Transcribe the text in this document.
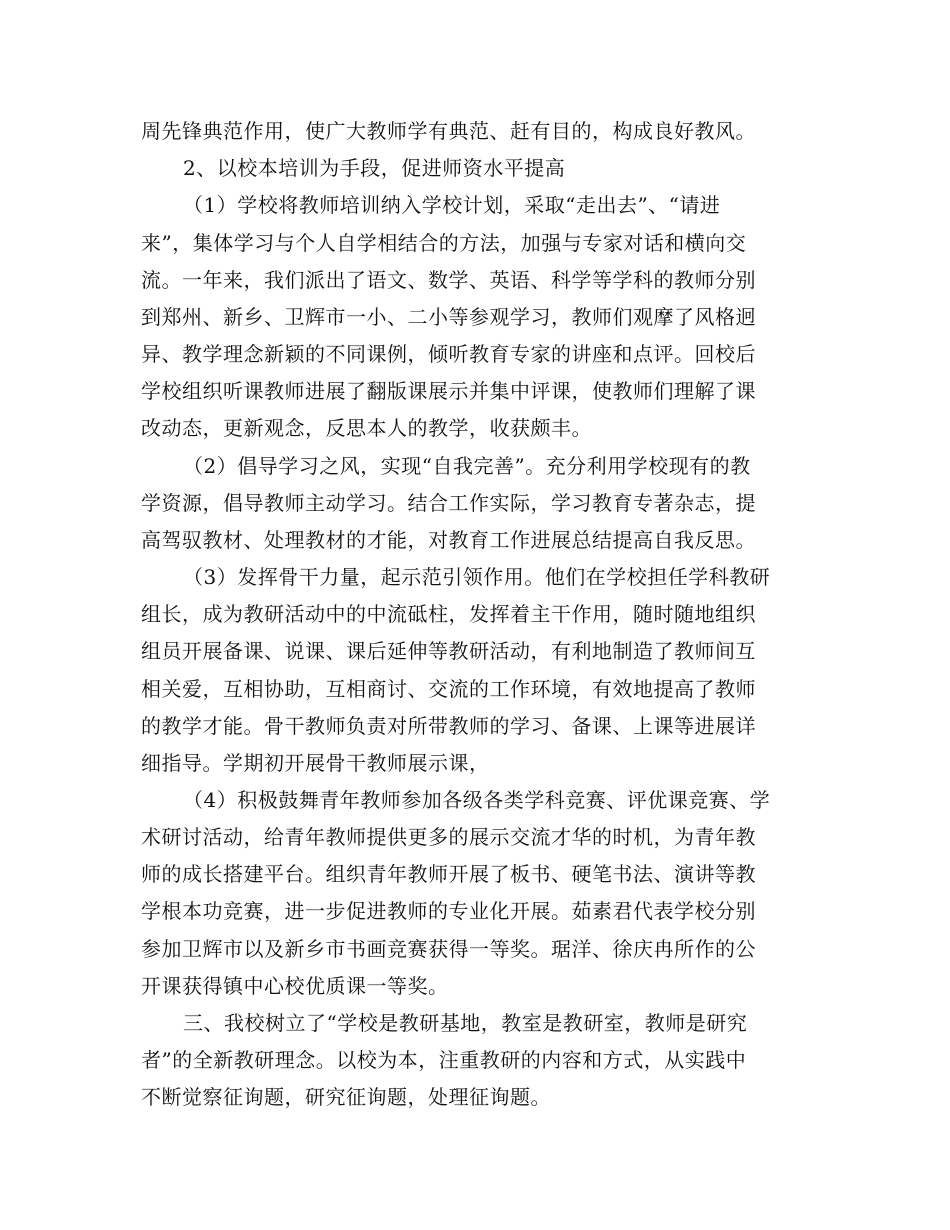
周先锋典范作用，使广大教师学有典范、赶有目的，构成良好教风。
2、以校本培训为手段，促进师资水平提高
（1）学校将教师培训纳入学校计划，采取“走出去”、“请进
来”，集体学习与个人自学相结合的方法，加强与专家对话和横向交
流。一年来，我们派出了语文、数学、英语、科学等学科的教师分别
到郑州、新乡、卫辉市一小、二小等参观学习，教师们观摩了风格迥
异、教学理念新颖的不同课例，倾听教育专家的讲座和点评。回校后
学校组织听课教师进展了翻版课展示并集中评课，使教师们理解了课
改动态，更新观念，反思本人的教学，收获颇丰。
（2）倡导学习之风，实现“自我完善”。充分利用学校现有的教
学资源，倡导教师主动学习。结合工作实际，学习教育专著杂志，提
高驾驭教材、处理教材的才能，对教育工作进展总结提高自我反思。
（3）发挥骨干力量，起示范引领作用。他们在学校担任学科教研
组长，成为教研活动中的中流砥柱，发挥着主干作用，随时随地组织
组员开展备课、说课、课后延伸等教研活动，有利地制造了教师间互
相关爱，互相协助，互相商讨、交流的工作环境，有效地提高了教师
的教学才能。骨干教师负责对所带教师的学习、备课、上课等进展详
细指导。学期初开展骨干教师展示课，
（4）积极鼓舞青年教师参加各级各类学科竞赛、评优课竞赛、学
术研讨活动，给青年教师提供更多的展示交流才华的时机，为青年教
师的成长搭建平台。组织青年教师开展了板书、硬笔书法、演讲等教
学根本功竞赛，进一步促进教师的专业化开展。茹素君代表学校分别
参加卫辉市以及新乡市书画竞赛获得一等奖。琚洋、徐庆冉所作的公
开课获得镇中心校优质课一等奖。
三、我校树立了“学校是教研基地，教室是教研室，教师是研究
者”的全新教研理念。以校为本，注重教研的内容和方式，从实践中
不断觉察征询题，研究征询题，处理征询题。
